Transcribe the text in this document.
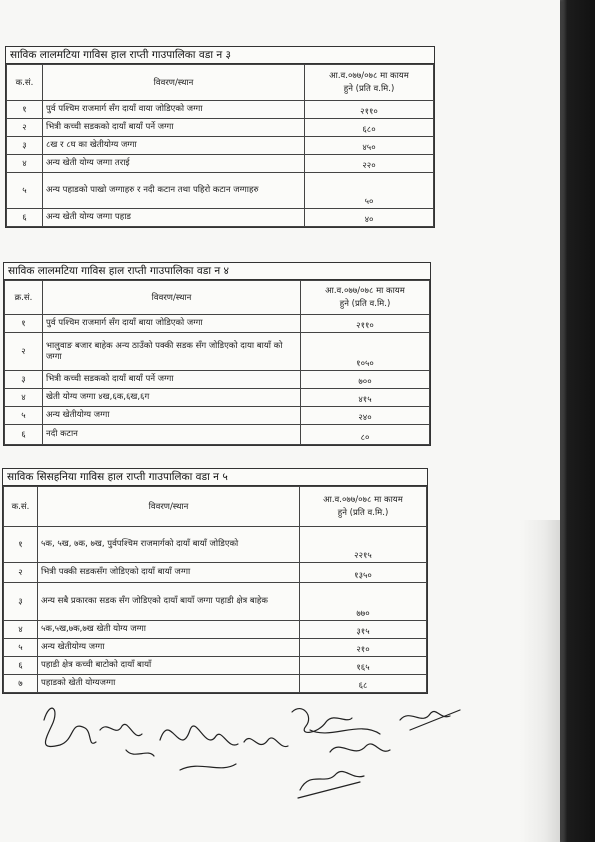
साविक लालमटिया गाविस हाल राप्ती गाउपालिका वडा न ३
क.सं.	विवरण/स्थान	आ.व.०७७/०७८ मा कायम
हुने (प्रति व.मि.)

१	पुर्व पश्चिम राजमार्ग सँग दायाँ वाया जोडिएको जग्गा	२११०
२	भित्री कच्ची सडकको दायाँ बायाँ पर्ने जग्गा	६८०
३	८ख र ८घ का खेतीयोग्य जग्गा	४५०
४	अन्य खेती योग्य जग्गा तराई	२२०
५	अन्य पहाडको पाखो जग्गाहरु र नदी कटान तथा पहिरो कटान जग्गाहरु	५०
६	अन्य खेती योग्य जग्गा पहाड	४०
साविक लालमटिया गाविस हाल राप्ती गाउपालिका वडा न ४
क्र.सं.	विवरण/स्थान	आ.व.०७७/०७८ मा कायम
हुने (प्रति व.मि.)

१	पुर्व पश्चिम राजमार्ग सँग दायाँ बाया जोडिएको जग्गा	२११०
२	भालुवाङ बजार बाहेक अन्य ठाउँको पक्की सडक सँग जोडिएको दाया बायाँ को जग्गा	१०५०
३	भित्री कच्ची सडकको दायाँ बायाँ पर्ने जग्गा	७००
४	खेती योग्य जग्गा ४ख,६क,६ख,६ग	४१५
५	अन्य खेतीयोग्य जग्गा	२४०
६	नदी कटान	८०
साविक सिसहनिया गाविस हाल राप्ती गाउपालिका वडा न ५
क.सं.	विवरण/स्थान	आ.व.०७७/०७८ मा कायम
हुने (प्रति व.मि.)

१	५क, ५ख, ७क, ७ख, पुर्वपश्चिम राजमार्गको दायाँ बायाँ जोडिएको	२२१५
२	भित्री पक्की सडकसँग जोडिएको दायाँ बायाँ जग्गा	१३५०
३	अन्य सबै प्रकारका सडक सँग जोडिएको दायाँ बायाँ जग्गा पहाडी क्षेत्र बाहेक	७७०
४	५क,५ख,७क,७ख खेती योग्य जग्गा	३१५
५	अन्य खेतीयोग्य जग्गा	२१०
६	पहाडी क्षेत्र कच्ची बाटोको दायाँ बायाँ	१६५
७	पहाडको खेती योग्यजग्गा	६८
